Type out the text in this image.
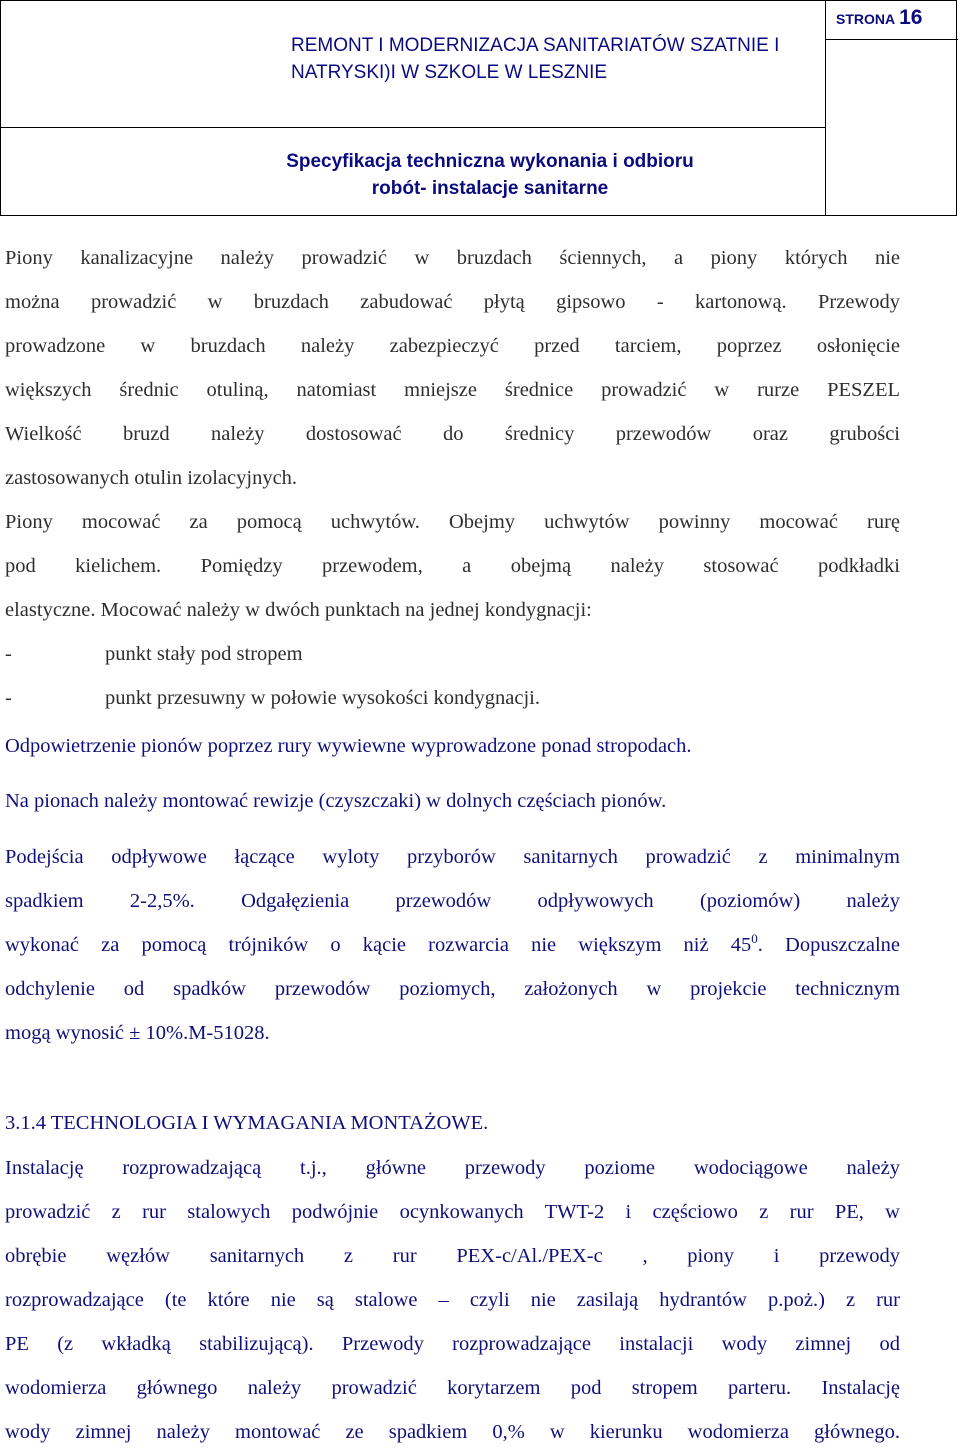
REMONT I MODERNIZACJA SANITARIATÓW SZATNIE I
NATRYSKI)I W SZKOLE W LESZNIE
STRONA 16
Specyfikacja techniczna wykonania i odbioru
robót- instalacje sanitarne
Piony kanalizacyjne należy prowadzić w bruzdach ściennych, a piony których nie
można prowadzić w bruzdach zabudować płytą gipsowo - kartonową. Przewody
prowadzone w bruzdach należy zabezpieczyć przed tarciem, poprzez osłonięcie
większych średnic otuliną, natomiast mniejsze średnice prowadzić w rurze PESZEL
Wielkość bruzd należy dostosować do średnicy przewodów oraz grubości
zastosowanych otulin izolacyjnych.
Piony mocować za pomocą uchwytów. Obejmy uchwytów powinny mocować rurę
pod kielichem. Pomiędzy przewodem, a obejmą należy stosować podkładki
elastyczne. Mocować należy w dwóch punktach na jednej kondygnacji:
-	punkt stały pod stropem
-	punkt przesuwny w połowie wysokości kondygnacji.
Odpowietrzenie pionów poprzez rury wywiewne wyprowadzone ponad stropodach.
Na pionach należy montować rewizje (czyszczaki) w dolnych częściach pionów.
Podejścia odpływowe łączące wyloty przyborów sanitarnych prowadzić z minimalnym
spadkiem 2-2,5%. Odgałęzienia przewodów odpływowych (poziomów) należy
wykonać za pomocą trójników o kącie rozwarcia nie większym niż $45^0$. Dopuszczalne
odchylenie od spadków przewodów poziomych, założonych w projekcie technicznym
mogą wynosić ± 10%.M-51028.
3.1.4 TECHNOLOGIA I WYMAGANIA MONTAŻOWE.
Instalację rozprowadzającą t.j., główne przewody poziome wodociągowe należy
prowadzić z rur stalowych podwójnie ocynkowanych TWT-2 i częściowo z rur PE, w
obrębie węzłów sanitarnych z rur PEX-c/Al./PEX-c , piony i przewody
rozprowadzające (te które nie są stalowe – czyli nie zasilają hydrantów p.poż.) z rur
PE (z wkładką stabilizującą). Przewody rozprowadzające instalacji wody zimnej od
wodomierza głównego należy prowadzić korytarzem pod stropem parteru. Instalację
wody zimnej należy montować ze spadkiem 0,% w kierunku wodomierza głównego.
